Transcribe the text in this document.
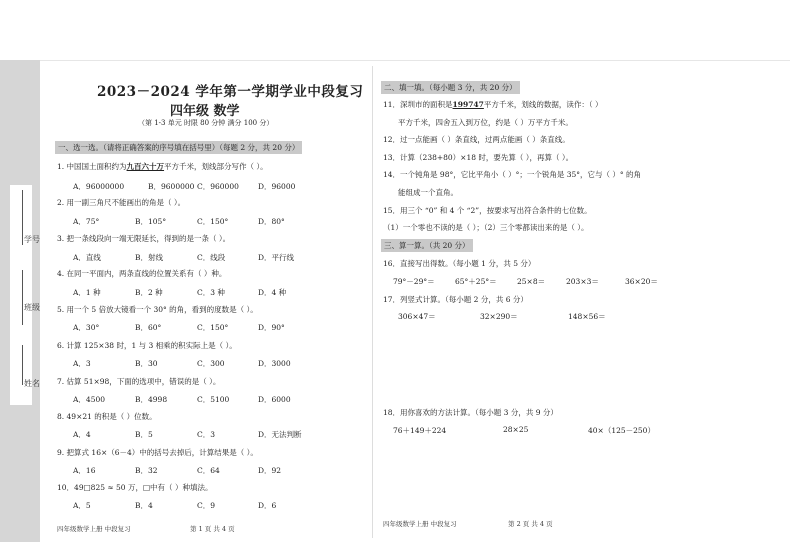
学号
班级
姓名
2023－2024 学年第一学期学业中段复习
四年级 数学
（第 1-3 单元 时限 80 分钟 满分 100 分）
一、选一选。（请将正确答案的序号填在括号里）（每题 2 分，共 20 分）
1. 中国国土面积约为九百六十万平方千米，划线部分写作（ ）。
A．96000000	B．9600000 C．960000	D．96000
2. 用一副三角尺不能画出的角是（ ）。
A．75°	B．105°	C．150°	D．80°
3. 把一条线段向一端无限延长，得到的是一条（ ）。
A．直线	B．射线	C．线段	D．平行线
4. 在同一平面内，两条直线的位置关系有（ ）种。
A．1 种	B．2 种	C．3 种	D．4 种
5. 用一个 5 倍放大镜看一个 30° 的角，看到的度数是（ ）。
A．30°	B．60°	C．150°	D．90°
6. 计算 125×38 时，1 与 3 相乘的积实际上是（ ）。
A．3	B．30	C．300	D．3000
7. 估算 51×98，下面的选项中，错误的是（ ）。
A．4500	B．4998	C．5100	D．6000
8. 49×21 的积是（ ）位数。
A．4	B．5	C．3	D．无法判断
9. 把算式 16×（6－4）中的括号去掉后，计算结果是（ ）。
A．16	B．32	C．64	D．92
10．49□825 ≈ 50 万，□中有（ ）种填法。
A．5	B．4	C．9	D．6
四年级数学上册 中段复习	第 1 页 共 4 页
二、填一填。（每小题 3 分，共 20 分）
11．深圳市的面积是199747平方千米，划线的数据，读作：（ ）
平方千米，四舍五入到万位，约是（ ）万平方千米。
12．过一点能画（ ）条直线，过两点能画（ ）条直线。
13．计算（238+80）×18 时，要先算（ ），再算（ ）。
14．一个钝角是 98°，它比平角小（ ）°；一个锐角是 35°，它与（ ）° 的角
能组成一个直角。
15．用三个 “0” 和 4 个 “2”，按要求写出符合条件的七位数。
（1）一个零也不读的是（ ）；（2）三个零都读出来的是（ ）。
三、算一算。（共 20 分）
16．直接写出得数。（每小题 1 分，共 5 分）
79°－29°＝	65°＋25°＝	25×8＝	203×3＝	36×20＝
17．列竖式计算。（每小题 2 分，共 6 分）
306×47＝	32×290＝	148×56＝
18．用你喜欢的方法计算。（每小题 3 分，共 9 分）
76＋149＋224	28×25	40×（125－250）
四年级数学上册 中段复习	第 2 页 共 4 页
